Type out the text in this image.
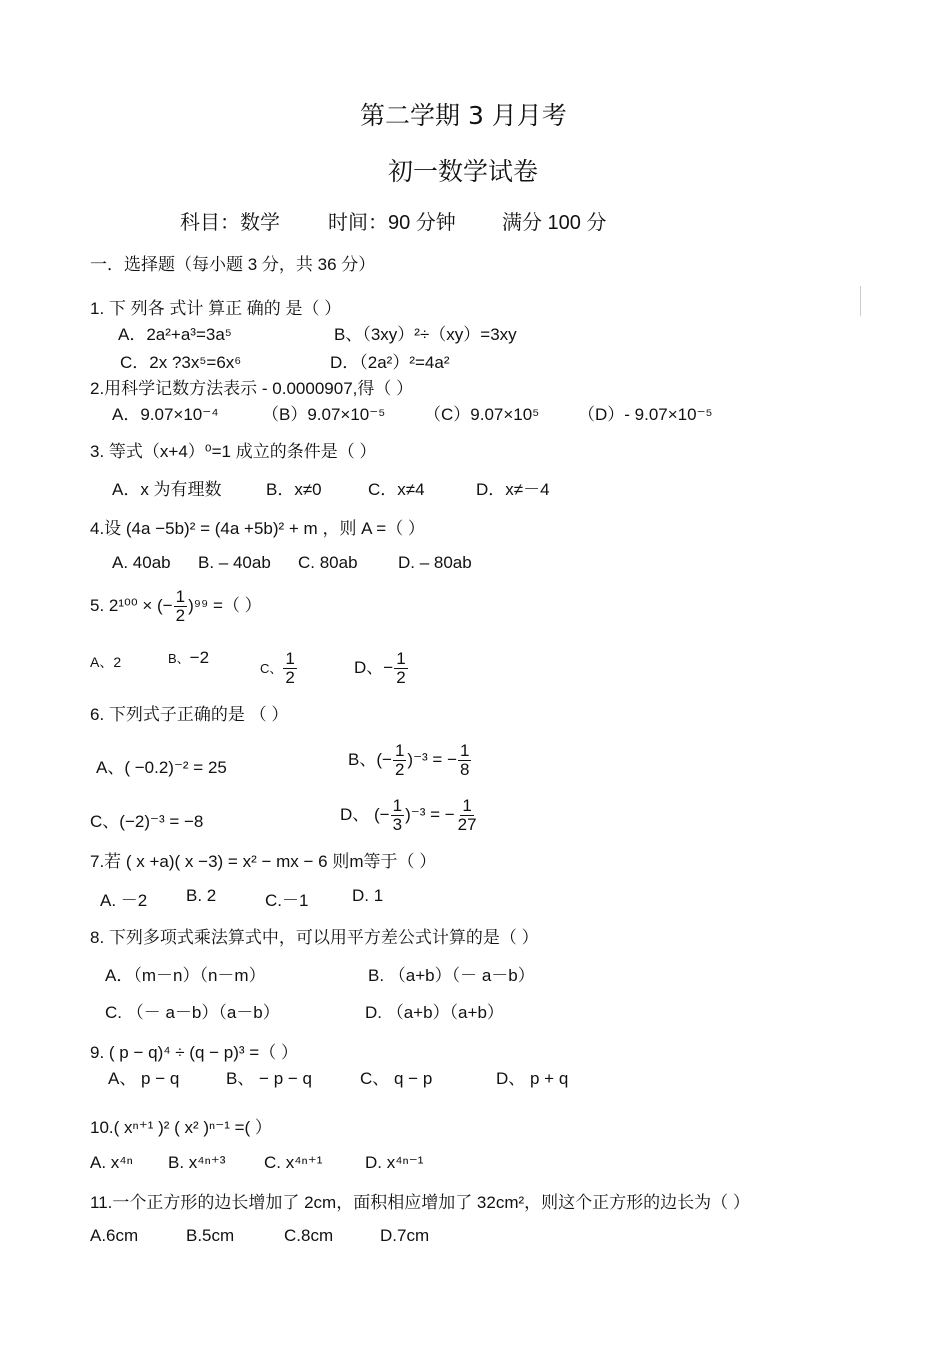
第二学期 3 月月考
初一数学试卷
科目：数学 时间：90 分钟 满分 100 分
一．选择题（每小题 3 分，共 36 分）
1. 下 列各 式计 算正 确的 是（ ）
A．2a²+a³=3a⁵	B、（3xy）²÷（xy）=3xy
C．2x ?3x⁵=6x⁶	D．（2a²）²=4a²
2.用科学记数方法表示 - 0.0000907,得（ ）
A．9.07×10⁻⁴	（B）9.07×10⁻⁵ （C）9.07×10⁵ （D）- 9.07×10⁻⁵
3. 等式（x+4）⁰=1 成立的条件是（ ）
A．x 为有理数	B．x≠0	C．x≠4	D．x≠－4
4.设 (4a −5b)² = (4a +5b)² + m ，则 A =（ ）
A. 40ab B. – 40ab C. 80ab D. – 80ab
5. 2¹⁰⁰ × (− $\frac{1}{2} )^{99}$ =（ ）
A、2	B、−2
C、 $\frac{1}{2}$	D、− $\frac{1}{2}$
6. 下列式子正确的是 （ ）
A、( −0.2)⁻² = 25	B、(− $\frac{1}{2} )^{-3}$ = − $\frac{1}{8}$
C、(−2)⁻³ = −8	D、 (− $\frac{1}{3} )^{-3}$ = − $\frac{1}{27}$
7.若 ( x +a)( x −3) = x² − mx − 6 则m等于（ ）
A. －2 B. 2	C.－1	D. 1
8. 下列多项式乘法算式中，可以用平方差公式计算的是（ ）
A．（m－n）（n－m）	B. （a+b）（－ a－b）
C. （－ a－b）（a－b）	D. （a+b）（a+b）
9. ( p − q)⁴ ÷ (q − p)³ =（ ）
A、 p − q	B、 − p − q	C、 q − p	D、 p + q
10.( xⁿ⁺¹ )² ( x² )ⁿ⁻¹ =( ）
A. x⁴ⁿ B. x⁴ⁿ⁺³ C. x⁴ⁿ⁺¹	D. x⁴ⁿ⁻¹
11.一个正方形的边长增加了 2cm，面积相应增加了 32cm²，则这个正方形的边长为（ ）
A.6cm	B.5cm	C.8cm	D.7cm
